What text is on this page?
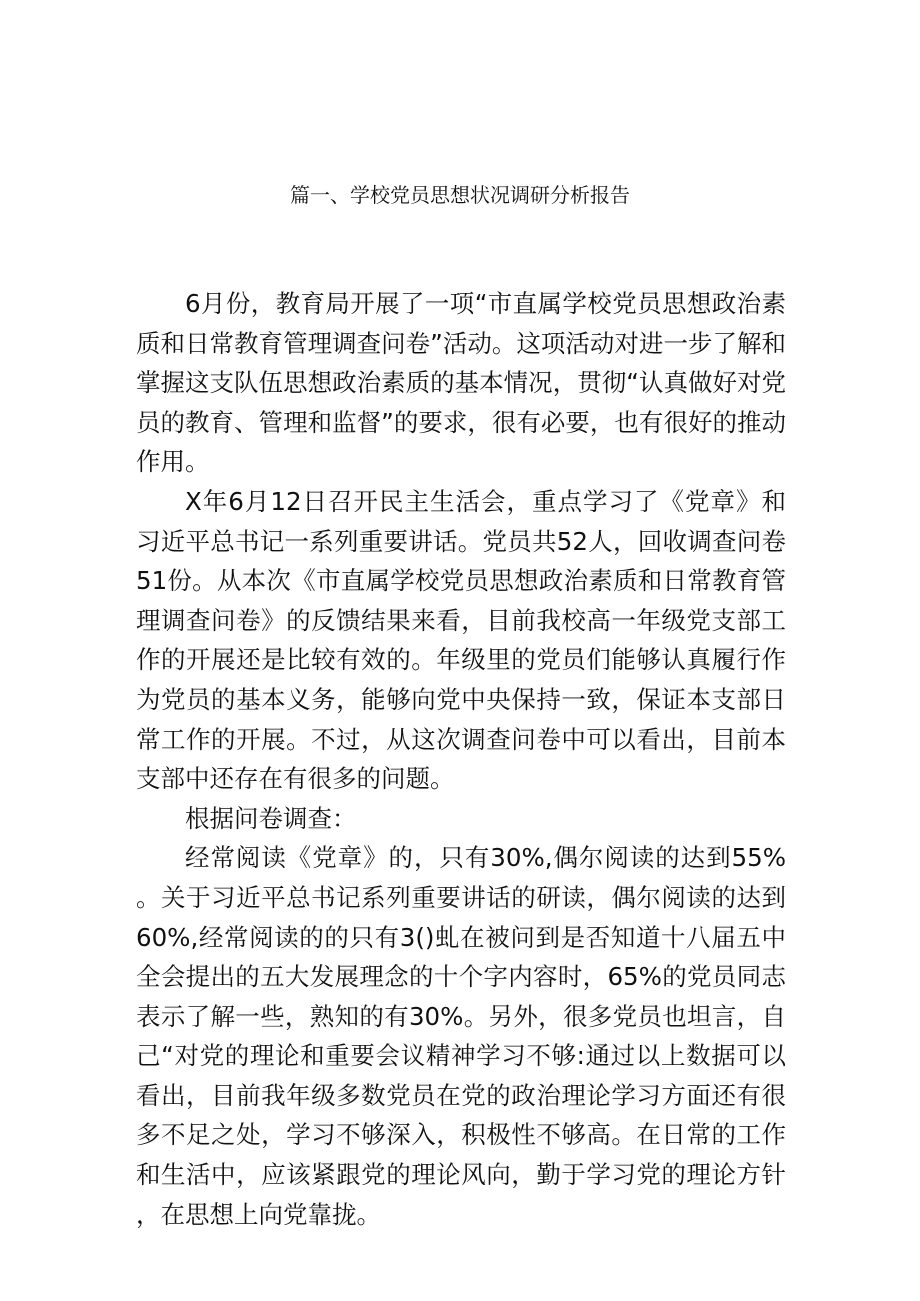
篇一、学校党员思想状况调研分析报告

6月份，教育局开展了一项“市直属学校党员思想政治素质和日常教育管理调查问卷”活动。这项活动对进一步了解和掌握这支队伍思想政治素质的基本情况，贯彻“认真做好对党员的教育、管理和监督”的要求，很有必要，也有很好的推动作用。

X年6月12日召开民主生活会，重点学习了《党章》和习近平总书记一系列重要讲话。党员共52人，回收调查问卷51份。从本次《市直属学校党员思想政治素质和日常教育管理调查问卷》的反馈结果来看，目前我校高一年级党支部工作的开展还是比较有效的。年级里的党员们能够认真履行作为党员的基本义务，能够向党中央保持一致，保证本支部日常工作的开展。不过，从这次调查问卷中可以看出，目前本支部中还存在有很多的问题。

根据问卷调查：

经常阅读《党章》的，只有30%,偶尔阅读的达到55%。关于习近平总书记系列重要讲话的研读，偶尔阅读的达到60%,经常阅读的的只有3()虬在被问到是否知道十八届五中全会提出的五大发展理念的十个字内容时，65%的党员同志表示了解一些，熟知的有30%。另外，很多党员也坦言，自己“对党的理论和重要会议精神学习不够:通过以上数据可以看出，目前我年级多数党员在党的政治理论学习方面还有很多不足之处，学习不够深入，积极性不够高。在日常的工作和生活中，应该紧跟党的理论风向，勤于学习党的理论方针，在思想上向党靠拢。
